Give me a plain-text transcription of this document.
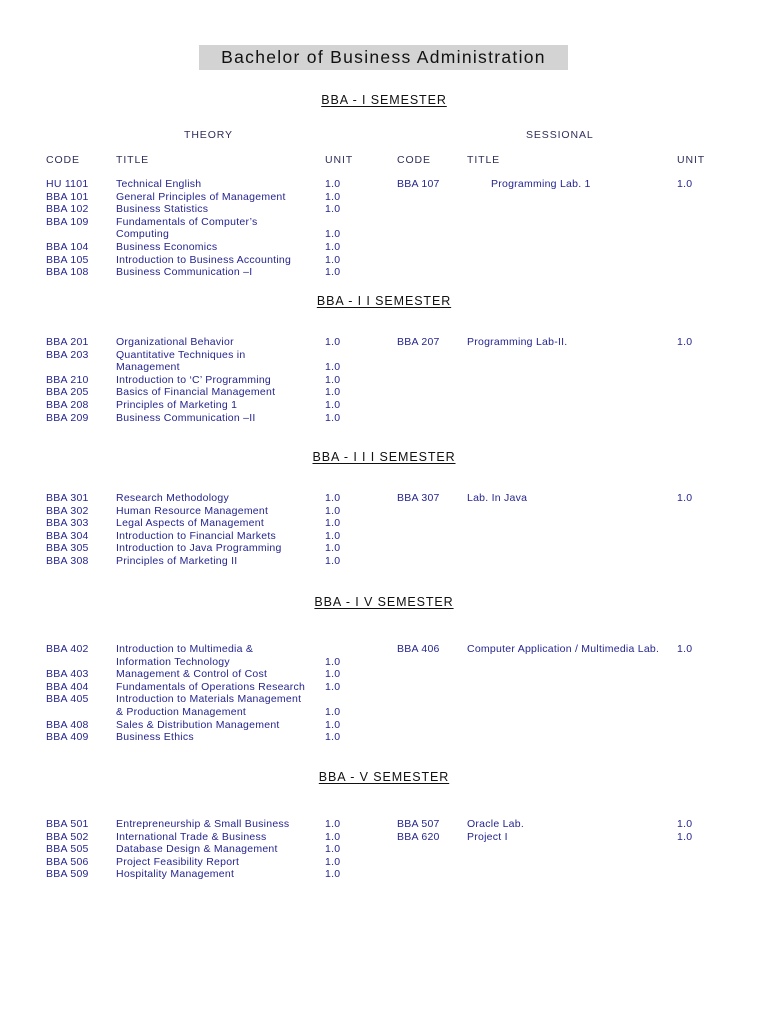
Bachelor of Business Administration
THEORY	SESSIONAL
CODE	TITLE	UNIT	CODE	TITLE	UNIT
BBA - I SEMESTER
HU 1101	Technical English	1.0
BBA 101	General Principles of Management	1.0
BBA 102	Business Statistics	1.0
BBA 109	Fundamentals of Computer’s
Computing	1.0
BBA 104	Business Economics	1.0
BBA 105	Introduction to Business Accounting	1.0
BBA 108	Business Communication –I	1.0
BBA 107	Programming Lab. 1	1.0
BBA - I I SEMESTER
BBA 201	Organizational Behavior	1.0
BBA 203	Quantitative Techniques in
Management	1.0
BBA 210	Introduction to ‘C’ Programming	1.0
BBA 205	Basics of Financial Management	1.0
BBA 208	Principles of Marketing 1	1.0
BBA 209	Business Communication –II	1.0
BBA 207	Programming Lab-II.	1.0
BBA - I I I SEMESTER
BBA 301	Research Methodology	1.0
BBA 302	Human Resource Management	1.0
BBA 303	Legal Aspects of Management	1.0
BBA 304	Introduction to Financial Markets	1.0
BBA 305	Introduction to Java Programming	1.0
BBA 308	Principles of Marketing II	1.0
BBA 307	Lab. In Java	1.0
BBA - I V SEMESTER
BBA 402	Introduction to Multimedia &
Information Technology	1.0
BBA 403	Management & Control of Cost	1.0
BBA 404	Fundamentals of Operations Research 1.0
BBA 405	Introduction to Materials Management
& Production Management	1.0
BBA 408	Sales & Distribution Management	1.0
BBA 409	Business Ethics	1.0
BBA 406	Computer Application / Multimedia Lab. 1.0
BBA - V SEMESTER
BBA 501	Entrepreneurship & Small Business	1.0
BBA 502	International Trade & Business	1.0
BBA 505	Database Design & Management	1.0
BBA 506	Project Feasibility Report	1.0
BBA 509	Hospitality Management	1.0
BBA 507	Oracle Lab.	1.0
BBA 620	Project I	1.0
